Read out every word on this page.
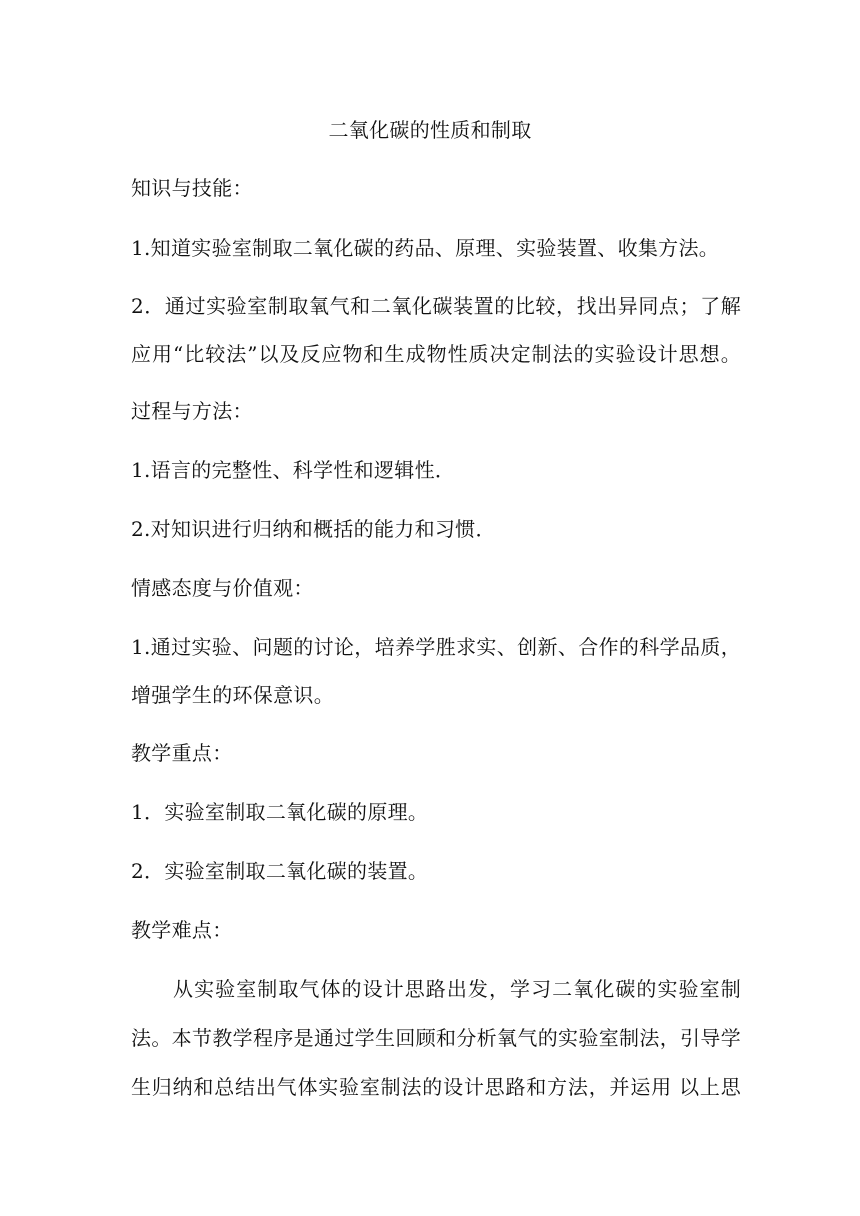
二氧化碳的性质和制取
知识与技能：
1.知道实验室制取二氧化碳的药品、原理、实验装置、收集方法。
2．通过实验室制取氧气和二氧化碳装置的比较，找出异同点；了解
应用“比较法”以及反应物和生成物性质决定制法的实验设计思想。
过程与方法：
1.语言的完整性、科学性和逻辑性．
2.对知识进行归纳和概括的能力和习惯．
情感态度与价值观：
1.通过实验、问题的讨论，培养学胜求实、创新、合作的科学品质，
增强学生的环保意识。
教学重点：
1．实验室制取二氧化碳的原理。
2．实验室制取二氧化碳的装置。
教学难点：
从实验室制取气体的设计思路出发，学习二氧化碳的实验室制
法。本节教学程序是通过学生回顾和分析氧气的实验室制法，引导学
生归纳和总结出气体实验室制法的设计思路和方法，并运用 以上思
